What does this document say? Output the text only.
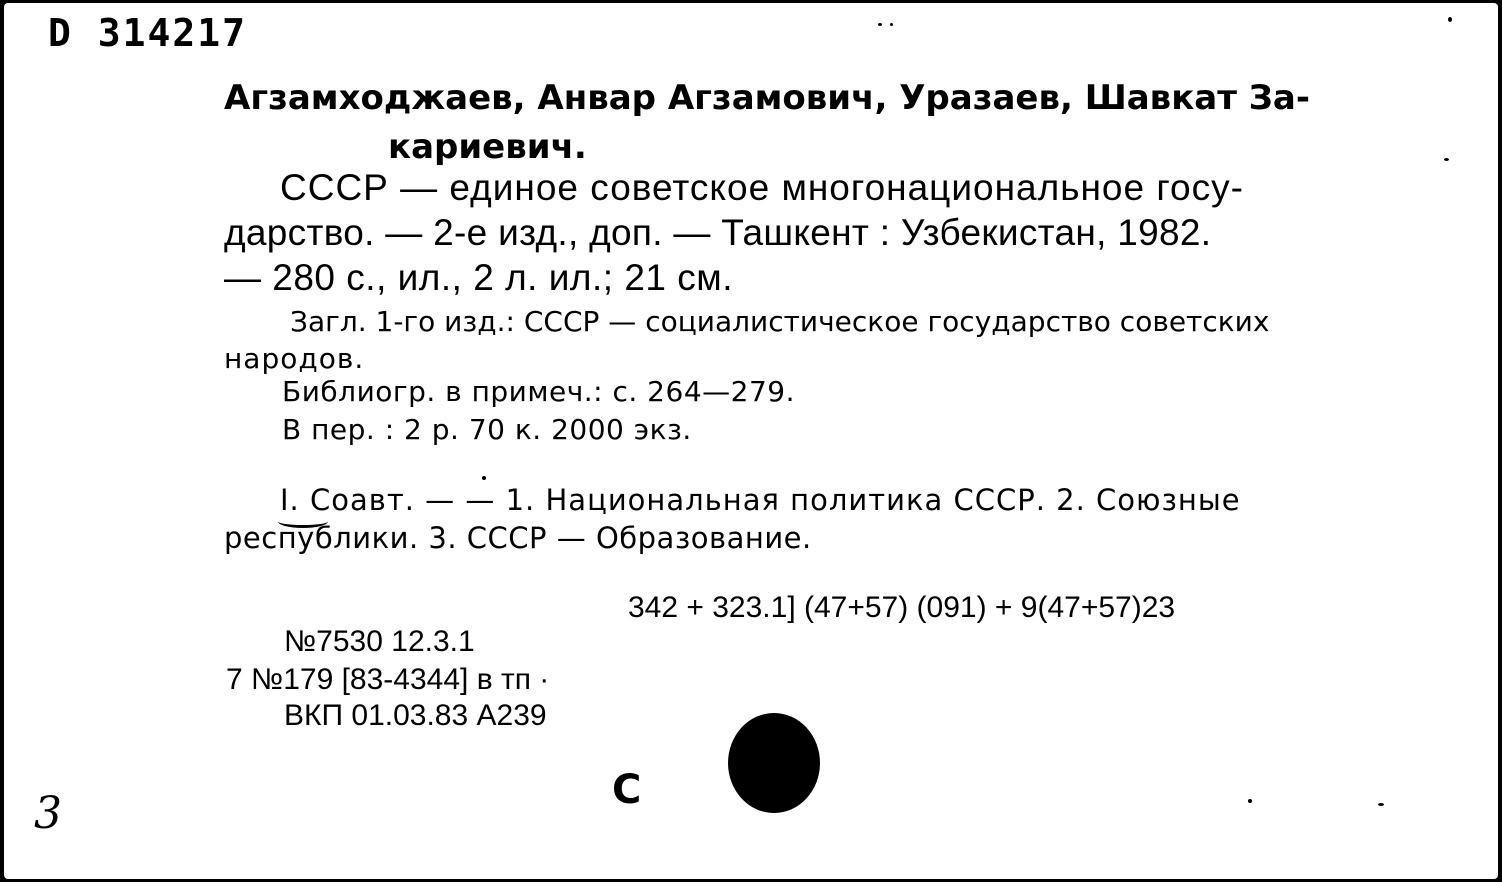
D 314217
Агзамходжаев, Анвар Агзамович, Уразаев, Шавкат За-
кариевич.
СССР — единое советское многонациональное госу-
дарство. — 2-е изд., доп. — Ташкент : Узбекистан, 1982.
— 280 с., ил., 2 л. ил.; 21 см.
Загл. 1-го изд.: СССР — социалистическое государство советских
народов.
Библиогр. в примеч.: с. 264—279.
В пер. : 2 р. 70 к. 2000 экз.
I. Соавт. — — 1. Национальная политика СССР. 2. Союзные
республики. 3. СССР — Образование.
342 + 323.1] (47+57) (091) + 9(47+57)23
№7530 12.3.1
7 №179 [83-4344] в тп ·
ВКП 01.03.83 А239
С
3
